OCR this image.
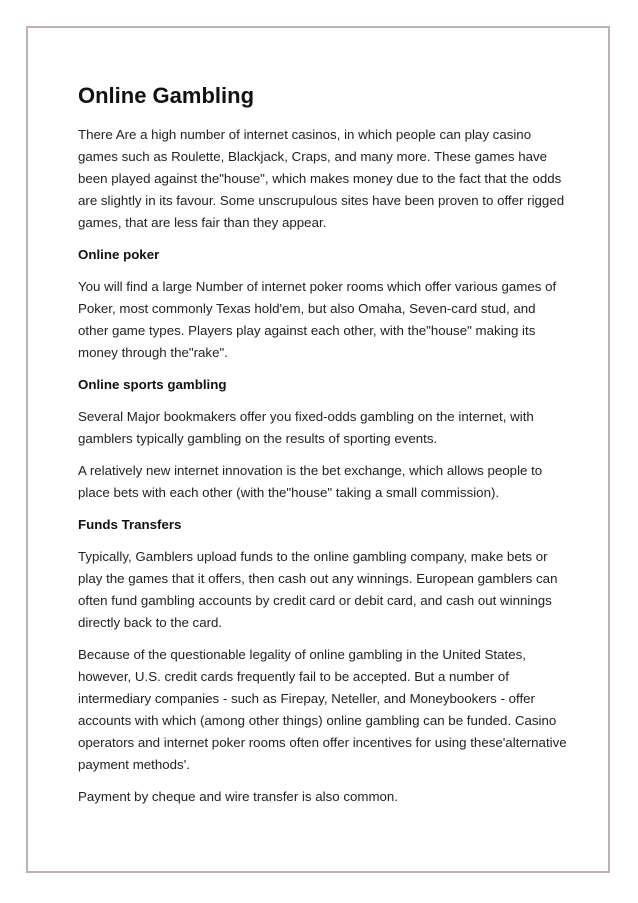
Online Gambling

There Are a high number of internet casinos, in which people can play casino games such as Roulette, Blackjack, Craps, and many more. These games have been played against the"house", which makes money due to the fact that the odds are slightly in its favour. Some unscrupulous sites have been proven to offer rigged games, that are less fair than they appear.

Online poker

You will find a large Number of internet poker rooms which offer various games of Poker, most commonly Texas hold'em, but also Omaha, Seven-card stud, and other game types. Players play against each other, with the"house" making its money through the"rake".

Online sports gambling

Several Major bookmakers offer you fixed-odds gambling on the internet, with gamblers typically gambling on the results of sporting events.

A relatively new internet innovation is the bet exchange, which allows people to place bets with each other (with the"house" taking a small commission).

Funds Transfers

Typically, Gamblers upload funds to the online gambling company, make bets or play the games that it offers, then cash out any winnings. European gamblers can often fund gambling accounts by credit card or debit card, and cash out winnings directly back to the card.

Because of the questionable legality of online gambling in the United States, however, U.S. credit cards frequently fail to be accepted. But a number of intermediary companies - such as Firepay, Neteller, and Moneybookers - offer accounts with which (among other things) online gambling can be funded. Casino operators and internet poker rooms often offer incentives for using these'alternative payment methods'.

Payment by cheque and wire transfer is also common.
